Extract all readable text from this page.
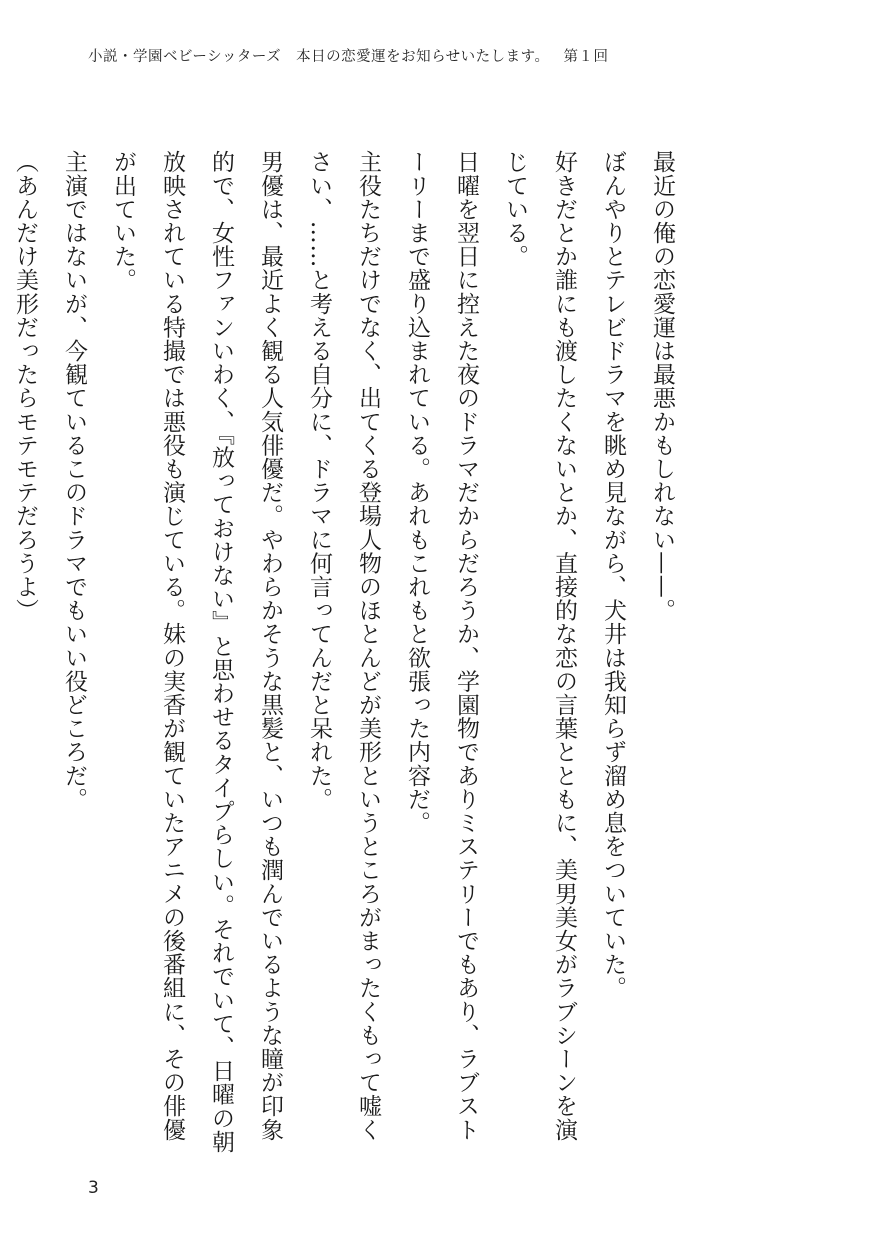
小説・学園ベビーシッターズ　本日の恋愛運をお知らせいたします。 第１回

最近の俺の恋愛運は最悪かもしれない——。

ぼんやりとテレビドラマを眺め見ながら、犬井は我知らず溜め息をついていた。

好きだとか誰にも渡したくないとか、直接的な恋の言葉とともに、美男美女がラブシーンを演じている。

日曜を翌日に控えた夜のドラマだからだろうか、学園物でありミステリーでもあり、ラブストーリーまで盛り込まれている。あれもこれもと欲張った内容だ。

主役たちだけでなく、出てくる登場人物のほとんどが美形というところがまったくもって嘘くさい、……と考える自分に、ドラマに何言ってんだと呆れた。

男優は、最近よく観る人気俳優だ。やわらかそうな黒髪と、いつも潤んでいるような瞳が印象的で、女性ファンいわく、『放っておけない』と思わせるタイプらしい。それでいて、日曜の朝放映されている特撮では悪役も演じている。妹の実香が観ていたアニメの後番組に、その俳優が出ていた。

主演ではないが、今観ているこのドラマでもいい役どころだ。

（あんだけ美形だったらモテモテだろうよ）

3
